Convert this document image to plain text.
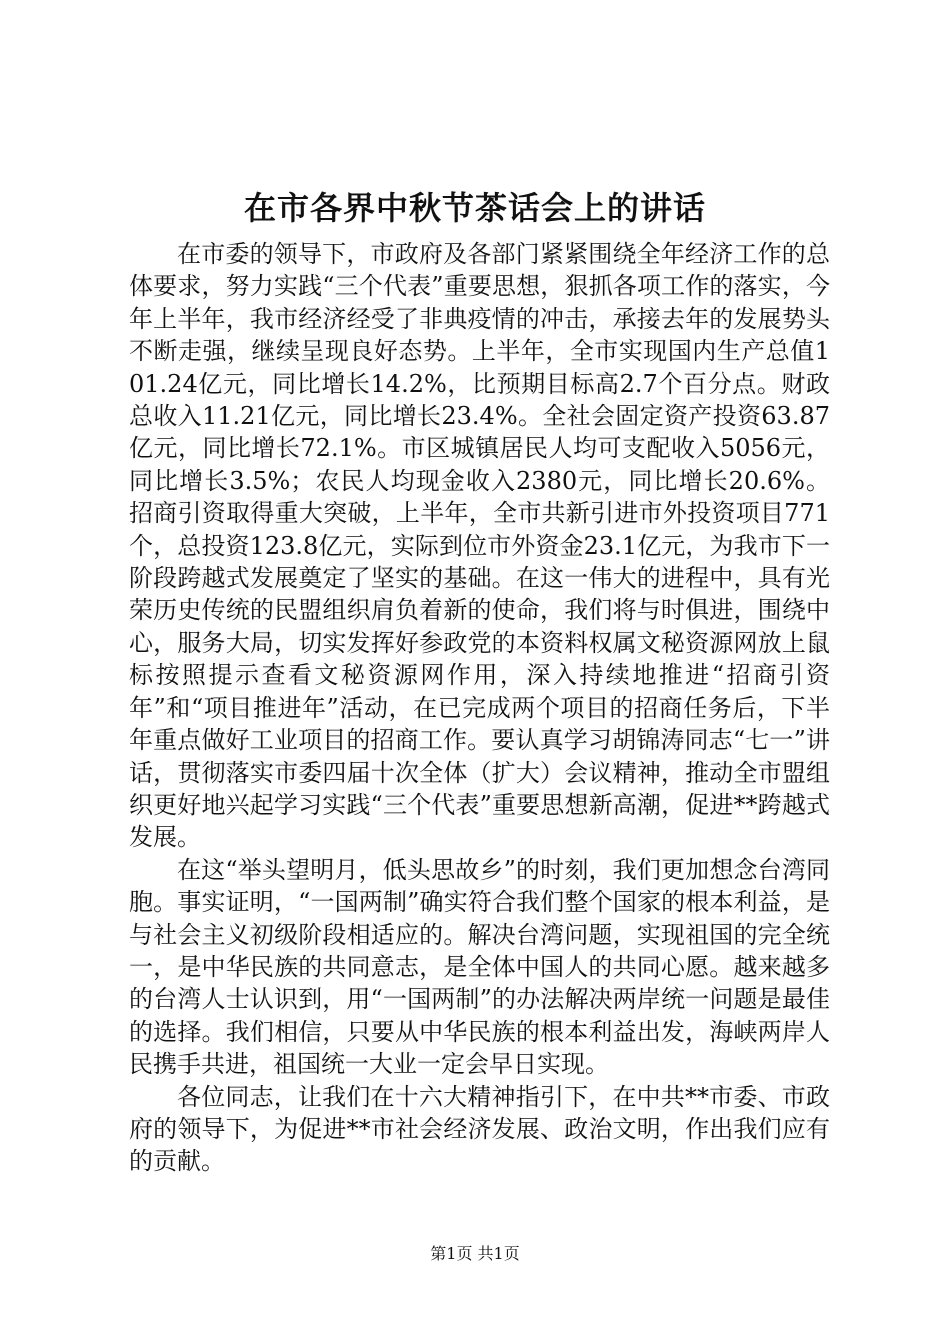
在市各界中秋节茶话会上的讲话

在市委的领导下，市政府及各部门紧紧围绕全年经济工作的总体要求，努力实践“三个代表”重要思想，狠抓各项工作的落实，今年上半年，我市经济经受了非典疫情的冲击，承接去年的发展势头不断走强，继续呈现良好态势。上半年，全市实现国内生产总值101.24亿元，同比增长14.2%，比预期目标高2.7个百分点。财政总收入11.21亿元，同比增长23.4%。全社会固定资产投资63.87亿元，同比增长72.1%。市区城镇居民人均可支配收入5056元，同比增长3.5%；农民人均现金收入2380元，同比增长20.6%。招商引资取得重大突破，上半年，全市共新引进市外投资项目771个，总投资123.8亿元，实际到位市外资金23.1亿元，为我市下一阶段跨越式发展奠定了坚实的基础。在这一伟大的进程中，具有光荣历史传统的民盟组织肩负着新的使命，我们将与时俱进，围绕中心，服务大局，切实发挥好参政党的本资料权属文秘资源网放上鼠标按照提示查看文秘资源网作用，深入持续地推进“招商引资年”和“项目推进年”活动，在已完成两个项目的招商任务后，下半年重点做好工业项目的招商工作。要认真学习胡锦涛同志“七一”讲话，贯彻落实市委四届十次全体（扩大）会议精神，推动全市盟组织更好地兴起学习实践“三个代表”重要思想新高潮，促进**跨越式发展。

在这“举头望明月，低头思故乡”的时刻，我们更加想念台湾同胞。事实证明，“一国两制”确实符合我们整个国家的根本利益，是与社会主义初级阶段相适应的。解决台湾问题，实现祖国的完全统一，是中华民族的共同意志，是全体中国人的共同心愿。越来越多的台湾人士认识到，用“一国两制”的办法解决两岸统一问题是最佳的选择。我们相信，只要从中华民族的根本利益出发，海峡两岸人民携手共进，祖国统一大业一定会早日实现。

各位同志，让我们在十六大精神指引下，在中共**市委、市政府的领导下，为促进**市社会经济发展、政治文明，作出我们应有的贡献。

第1页 共1页
